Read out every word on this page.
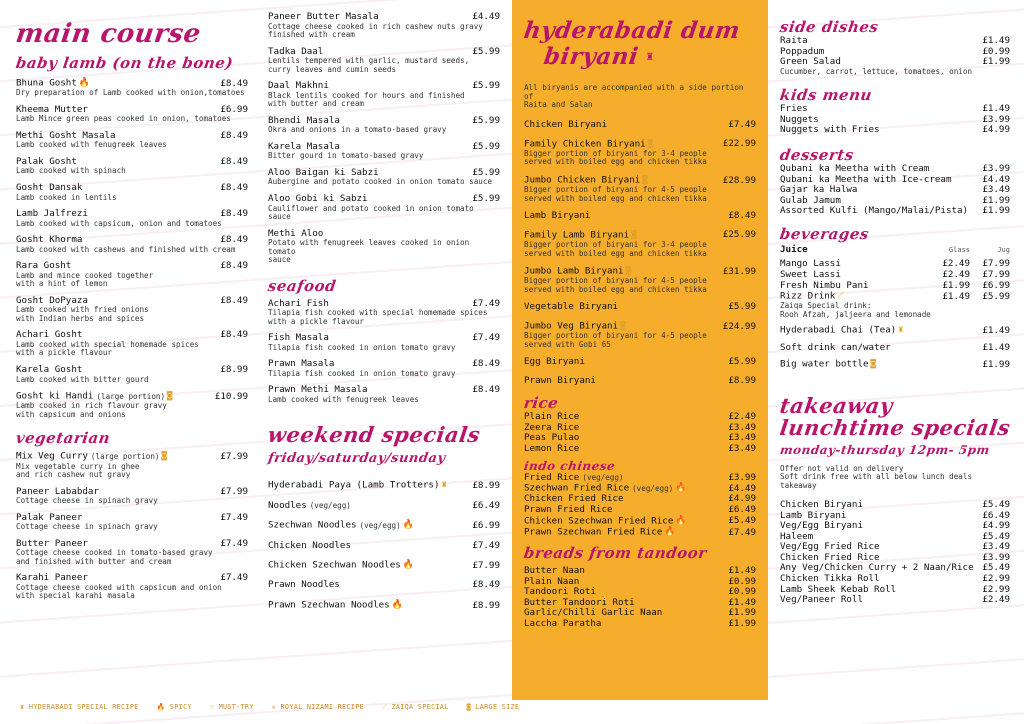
main course
baby lamb (on the bone)
Bhuna Gosht 🔥	£8.49
Dry preparation of Lamb cooked with onion,tomatoes
Kheema Mutter	£6.99
Lamb Mince green peas cooked in onion, tomatoes
Methi Gosht Masala	£8.49
Lamb cooked with fenugreek leaves
Palak Gosht	£8.49
Lamb cooked with spinach
Gosht Dansak	£8.49
Lamb cooked in lentils
Lamb Jalfrezi	£8.49
Lamb cooked with capsicum, onion and tomatoes
Gosht Khorma	£8.49
Lamb cooked with cashews and finished with cream
Rara Gosht	£8.49
Lamb and mince cooked together
with a hint of lemon
Gosht DoPyaza	£8.49
Lamb cooked with fried onions
with Indian herbs and spices
Achari Gosht	£8.49
Lamb cooked with special homemade spices
with a pickle flavour
Karela Gosht	£8.99
Lamb cooked with bitter gourd
Gosht ki Handi (large portion) ◙	£10.99
Lamb cooked in rich flavour gravy
with capsicum and onions
vegetarian
Mix Veg Curry (large portion) ◙	£7.99
Mix vegetable curry in ghee
and rich cashew nut gravy
Paneer Lababdar	£7.99
Cottage cheese in spinach gravy
Palak Paneer	£7.49
Cottage cheese in spinach gravy
Butter Paneer	£7.49
Cottage cheese cooked in tomato-based gravy
and finished with butter and cream
Karahi Paneer	£7.49
Cottage cheese cooked with capsicum and onion
with special karahi masala
Paneer Butter Masala	£4.49
Cottage cheese cooked in rich cashew nuts gravy
finished with cream
Tadka Daal	£5.99
Lentils tempered with garlic, mustard seeds,
curry leaves and cumin seeds
Daal Makhni	£5.99
Black lentils cooked for hours and finished
with butter and cream
Bhendi Masala	£5.99
Okra and onions in a tomato-based gravy
Karela Masala	£5.99
Bitter gourd in tomato-based gravy
Aloo Baigan ki Sabzi	£5.99
Aubergine and potato cooked in onion tomato sauce
Aloo Gobi ki Sabzi	£5.99
Cauliflower and potato cooked in onion tomato sauce
Methi Aloo
Potato with fenugreek leaves cooked in onion tomato
sauce
seafood
Achari Fish	£7.49
Tilapia fish cooked with special homemade spices
with a pickle flavour
Fish Masala	£7.49
Tilapia fish cooked in onion tomato gravy
Prawn Masala	£8.49
Tilapia fish cooked in onion tomato gravy
Prawn Methi Masala	£8.49
Lamb cooked with fenugreek leaves
weekend specials
friday/saturday/sunday
Hyderabadi Paya (Lamb Trotters) ♜	£8.99
Noodles (veg/egg)	£6.49
Szechwan Noodles (veg/egg) 🔥	£6.99
Chicken Noodles	£7.49
Chicken Szechwan Noodles 🔥	£7.99
Prawn Noodles	£8.49
Prawn Szechwan Noodles 🔥	£8.99
hyderabadi dum
biryani ♜
All biryanis are accompanied with a side portion of
Raita and Salan
Chicken Biryani	£7.49
Family Chicken Biryani ◙	£22.99
Bigger portion of biryani for 3-4 people
served with boiled egg and chicken tikka
Jumbo Chicken Biryani ◙	£28.99
Bigger portion of biryani for 4-5 people
served with boiled egg and chicken tikka
Lamb Biryani	£8.49
Family Lamb Biryani ◙	£25.99
Bigger portion of biryani for 3-4 people
served with boiled egg and chicken tikka
Jumbo Lamb Biryani ◙	£31.99
Bigger portion of biryani for 4-5 people
served with boiled egg and chicken tikka
Vegetable Biryani	£5.99
Jumbo Veg Biryani ◙	£24.99
Bigger portion of biryani for 4-5 people
served with Gobi 65
Egg Biryani	£5.99
Prawn Biryani	£8.99
rice
Plain Rice	£2.49
Zeera Rice	£3.49
Peas Pulao	£3.49
Lemon Rice	£3.49
indo chinese
Fried Rice (veg/egg)	£3.99
Szechwan Fried Rice (veg/egg) 🔥	£4.49
Chicken Fried Rice	£4.99
Prawn Fried Rice	£6.49
Chicken Szechwan Fried Rice 🔥	£5.49
Prawn Szechwan Fried Rice 🔥	£7.49
breads from tandoor
Butter Naan	£1.49
Plain Naan	£0.99
Tandoori Roti	£0.99
Butter Tandoori Roti	£1.49
Garlic/Chilli Garlic Naan	£1.99
Laccha Paratha	£1.99
side dishes
Raita	£1.49
Poppadum	£0.99
Green Salad	£1.99
Cucumber, carrot, lettuce, tomatoes, onion
kids menu
Fries	£1.49
Nuggets	£3.99
Nuggets with Fries	£4.99
desserts
Qubani ka Meetha with Cream	£3.99
Qubani ka Meetha with Ice-cream	£4.49
Gajar ka Halwa	£3.49
Gulab Jamum	£1.99
Assorted Kulfi (Mango/Malai/Pista) £1.99
beverages
Juice	Glass	Jug
Mango Lassi	£2.49	£7.99
Sweet Lassi	£2.49	£7.99
Fresh Nimbu Pani	£1.99	£6.99
Rizz Drink ⟋	£1.49	£5.99
Zaiqa Special drink:
Rooh Afzah, jaljeera and lemonade
Hyderabadi Chai (Tea) ♜	£1.49
Soft drink can/water	£1.49
Big water bottle ◙	£1.99
takeaway
lunchtime specials
monday-thursday 12pm- 5pm
Offer not valid on delivery
Soft drink free with all below lunch deals takeaway
Chicken Biryani	£5.49
Lamb Biryani	£6.49
Veg/Egg Biryani	£4.99
Haleem	£5.49
Veg/Egg Fried Rice	£3.49
Chicken Fried Rice	£3.99
Any Veg/Chicken Curry + 2 Naan/Rice £5.49
Chicken Tikka Roll	£2.99
Lamb Sheek Kebab Roll	£2.99
Veg/Paneer Roll	£2.49
♜ HYDERABADI SPECIAL RECIPE	🔥 SPICY	☝ MUST-TRY	♔ ROYAL NIZAMI RECIPE	⟋ ZAIQA SPECIAL	◙ LARGE SIZE
